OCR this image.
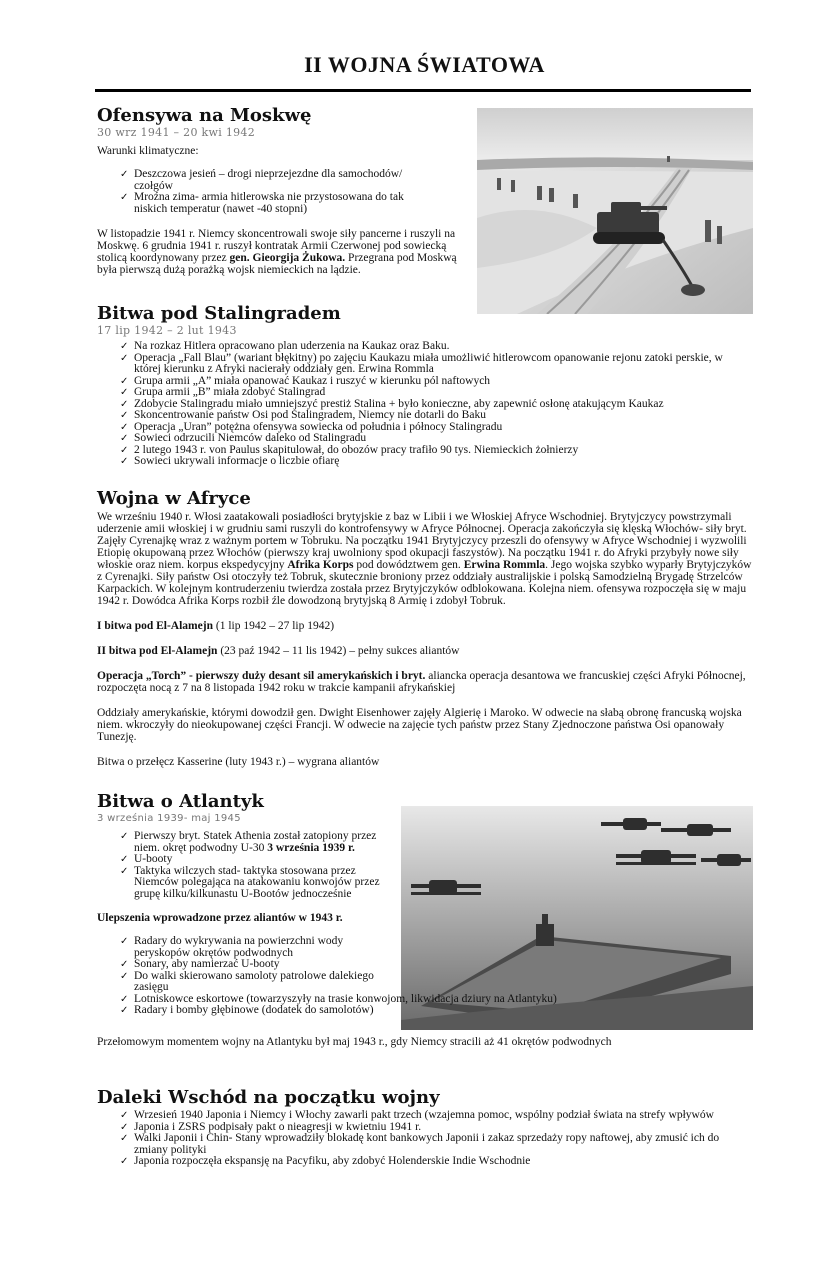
II WOJNA ŚWIATOWA
Ofensywa na Moskwę
30 wrz 1941 – 20 kwi 1942

Warunki klimatyczne:

✓ Deszczowa jesień – drogi nieprzejezdne dla samochodów/ czołgów
✓ Mroźna zima- armia hitlerowska nie przystosowana do tak niskich temperatur (nawet -40 stopni)

W listopadzie 1941 r. Niemcy skoncentrowali swoje siły pancerne i ruszyli na Moskwę. 6 grudnia 1941 r. ruszył kontratak Armii Czerwonej pod sowiecką stolicą koordynowany przez gen. Gieorgija Żukowa. Przegrana pod Moskwą była pierwszą dużą porażką wojsk niemieckich na lądzie.

Bitwa pod Stalingradem
17 lip 1942 – 2 lut 1943
✓ Na rozkaz Hitlera opracowano plan uderzenia na Kaukaz oraz Baku.
✓ Operacja „Fall Blau” (wariant błękitny) po zajęciu Kaukazu miała umożliwić hitlerowcom opanowanie rejonu zatoki perskie, w której kierunku z Afryki nacierały oddziały gen. Erwina Rommla
✓ Grupa armii „A” miała opanować Kaukaz i ruszyć w kierunku pól naftowych
✓ Grupa armii „B” miała zdobyć Stalingrad
✓ Zdobycie Stalingradu miało umniejszyć prestiż Stalina + było konieczne, aby zapewnić osłonę atakującym Kaukaz
✓ Skoncentrowanie państw Osi pod Stalingradem, Niemcy nie dotarli do Baku
✓ Operacja „Uran” potężna ofensywa sowiecka od południa i północy Stalingradu
✓ Sowieci odrzucili Niemców daleko od Stalingradu
✓ 2 lutego 1943 r. von Paulus skapitulował, do obozów pracy trafiło 90 tys. Niemieckich żołnierzy
✓ Sowieci ukrywali informacje o liczbie ofiarę
Wojna w Afryce

We wrześniu 1940 r. Włosi zaatakowali posiadłości brytyjskie z baz w Libii i we Włoskiej Afryce Wschodniej. Brytyjczycy powstrzymali uderzenie amii włoskiej i w grudniu sami ruszyli do kontrofensywy w Afryce Północnej. Operacja zakończyła się klęską Włochów- siły bryt. Zajęły Cyrenajkę wraz z ważnym portem w Tobruku. Na początku 1941 Brytyjczycy przeszli do ofensywy w Afryce Wschodniej i wyzwolili Etiopię okupowaną przez Włochów (pierwszy kraj uwolniony spod okupacji faszystów). Na początku 1941 r. do Afryki przybyły nowe siły włoskie oraz niem. korpus ekspedycyjny Afrika Korps pod dowództwem gen. Erwina Rommla. Jego wojska szybko wyparły Brytyjczyków z Cyrenajki. Siły państw Osi otoczyły też Tobruk, skutecznie broniony przez oddziały australijskie i polską Samodzielną Brygadę Strzelców Karpackich. W kolejnym kontruderzeniu twierdza została przez Brytyjczyków odblokowana. Kolejna niem. ofensywa rozpoczęła się w maju 1942 r. Dowódca Afrika Korps rozbił źle dowodzoną brytyjską 8 Armię i zdobył Tobruk.

I bitwa pod El-Alamejn (1 lip 1942 – 27 lip 1942)

II bitwa pod El-Alamejn (23 paź 1942 – 11 lis 1942) – pełny sukces aliantów

Operacja „Torch” - pierwszy duży desant sil amerykańskich i bryt. aliancka operacja desantowa we francuskiej części Afryki Północnej, rozpoczęta nocą z 7 na 8 listopada 1942 roku w trakcie kampanii afrykańskiej

Oddziały amerykańskie, którymi dowodził gen. Dwight Eisenhower zajęły Algierię i Maroko. W odwecie na słabą obronę francuską wojska niem. wkroczyły do nieokupowanej części Francji. W odwecie na zajęcie tych państw przez Stany Zjednoczone państwa Osi opanowały Tunezję.

Bitwa o przełęcz Kasserine (luty 1943 r.) – wygrana aliantów

Bitwa o Atlantyk
3 września 1939- maj 1945
✓ Pierwszy bryt. Statek Athenia został zatopiony przez niem. okręt podwodny U-30 3 września 1939 r.
✓ U-booty
✓ Taktyka wilczych stad- taktyka stosowana przez Niemców polegająca na atakowaniu konwojów przez grupę kilku/kilkunastu U-Bootów jednocześnie

Ulepszenia wprowadzone przez aliantów w 1943 r.

✓ Radary do wykrywania na powierzchni wody peryskopów okrętów podwodnych
✓ Sonary, aby namierzać U-booty
✓ Do walki skierowano samoloty patrolowe dalekiego zasięgu
✓ Lotniskowce eskortowe (towarzyszyły na trasie konwojom, likwidacja dziury na Atlantyku)
✓ Radary i bomby głębinowe (dodatek do samolotów)

Przełomowym momentem wojny na Atlantyku był maj 1943 r., gdy Niemcy stracili aż 41 okrętów podwodnych

Daleki Wschód na początku wojny
✓ Wrzesień 1940 Japonia i Niemcy i Włochy zawarli pakt trzech (wzajemna pomoc, wspólny podział świata na strefy wpływów
✓ Japonia i ZSRS podpisały pakt o nieagresji w kwietniu 1941 r.
✓ Walki Japonii i Chin- Stany wprowadziły blokadę kont bankowych Japonii i zakaz sprzedaży ropy naftowej, aby zmusić ich do zmiany polityki
✓ Japonia rozpoczęła ekspansję na Pacyfiku, aby zdobyć Holenderskie Indie Wschodnie
